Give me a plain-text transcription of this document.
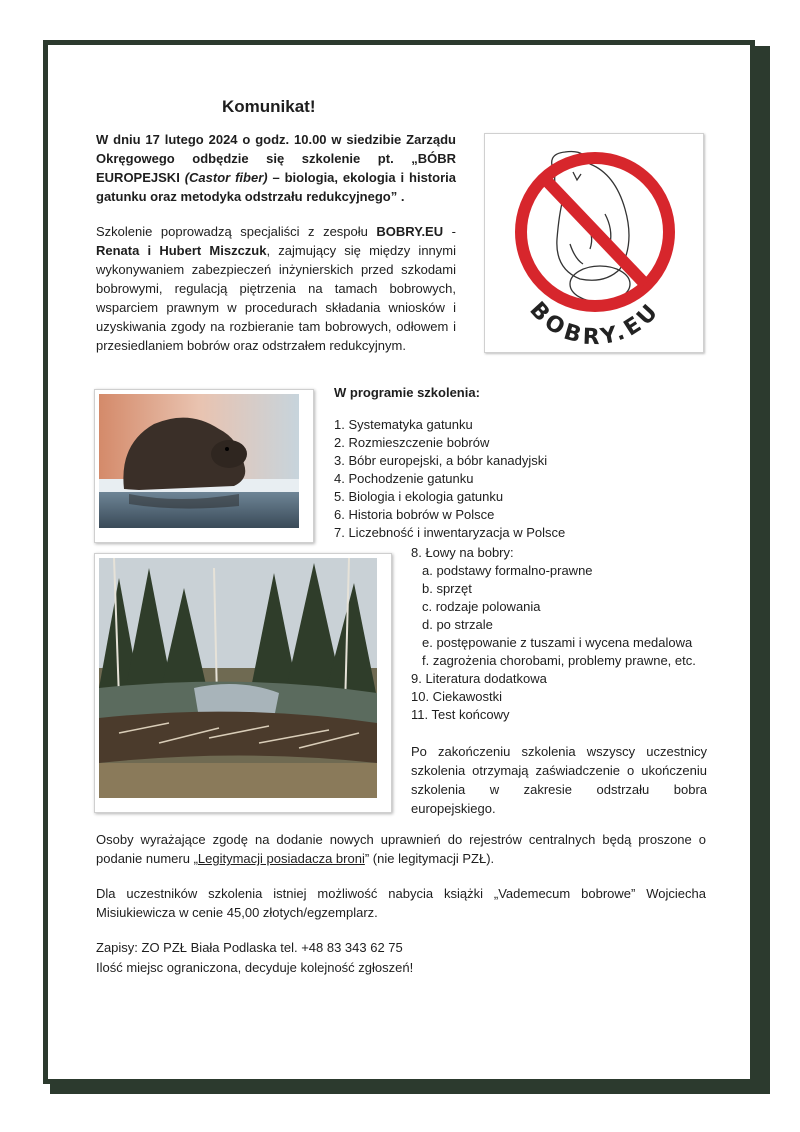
Komunikat!

W dniu 17 lutego 2024 o godz. 10.00 w siedzibie Zarządu Okręgowego odbędzie się szkolenie pt. „BÓBR EUROPEJSKI (Castor fiber) – biologia, ekologia i historia gatunku oraz metodyka odstrzału redukcyjnego” .

Szkolenie poprowadzą specjaliści z zespołu BOBRY.EU - Renata i Hubert Miszczuk, zajmujący się między innymi wykonywaniem zabezpieczeń inżynierskich przed szkodami bobrowymi, regulacją piętrzenia na tamach bobrowych, wsparciem prawnym w procedurach składania wniosków i uzyskiwania zgody na rozbieranie tam bobrowych, odłowem i przesiedlaniem bobrów oraz odstrzałem redukcyjnym.

BOBRY.EU
W programie szkolenia:
1. Systematyka gatunku
2. Rozmieszczenie bobrów
3. Bóbr europejski, a bóbr kanadyjski
4. Pochodzenie gatunku
5. Biologia i ekologia gatunku
6. Historia bobrów w Polsce
7. Liczebność i inwentaryzacja w Polsce
8. Łowy na bobry:
a. podstawy formalno-prawne
b. sprzęt
c. rodzaje polowania
d. po strzale
e. postępowanie z tuszami i wycena medalowa
f. zagrożenia chorobami, problemy prawne, etc.
9. Literatura dodatkowa
10. Ciekawostki
11. Test końcowy

Po zakończeniu szkolenia wszyscy uczestnicy szkolenia otrzymają zaświadczenie o ukończeniu szkolenia w zakresie odstrzału bobra europejskiego.

Osoby wyrażające zgodę na dodanie nowych uprawnień do rejestrów centralnych będą proszone o podanie numeru „Legitymacji posiadacza broni” (nie legitymacji PZŁ).

Dla uczestników szkolenia istniej możliwość nabycia książki „Vademecum bobrowe” Wojciecha Misiukiewicza w cenie 45,00 złotych/egzemplarz.

Zapisy: ZO PZŁ Biała Podlaska tel. +48 83 343 62 75
Ilość miejsc ograniczona, decyduje kolejność zgłoszeń!
